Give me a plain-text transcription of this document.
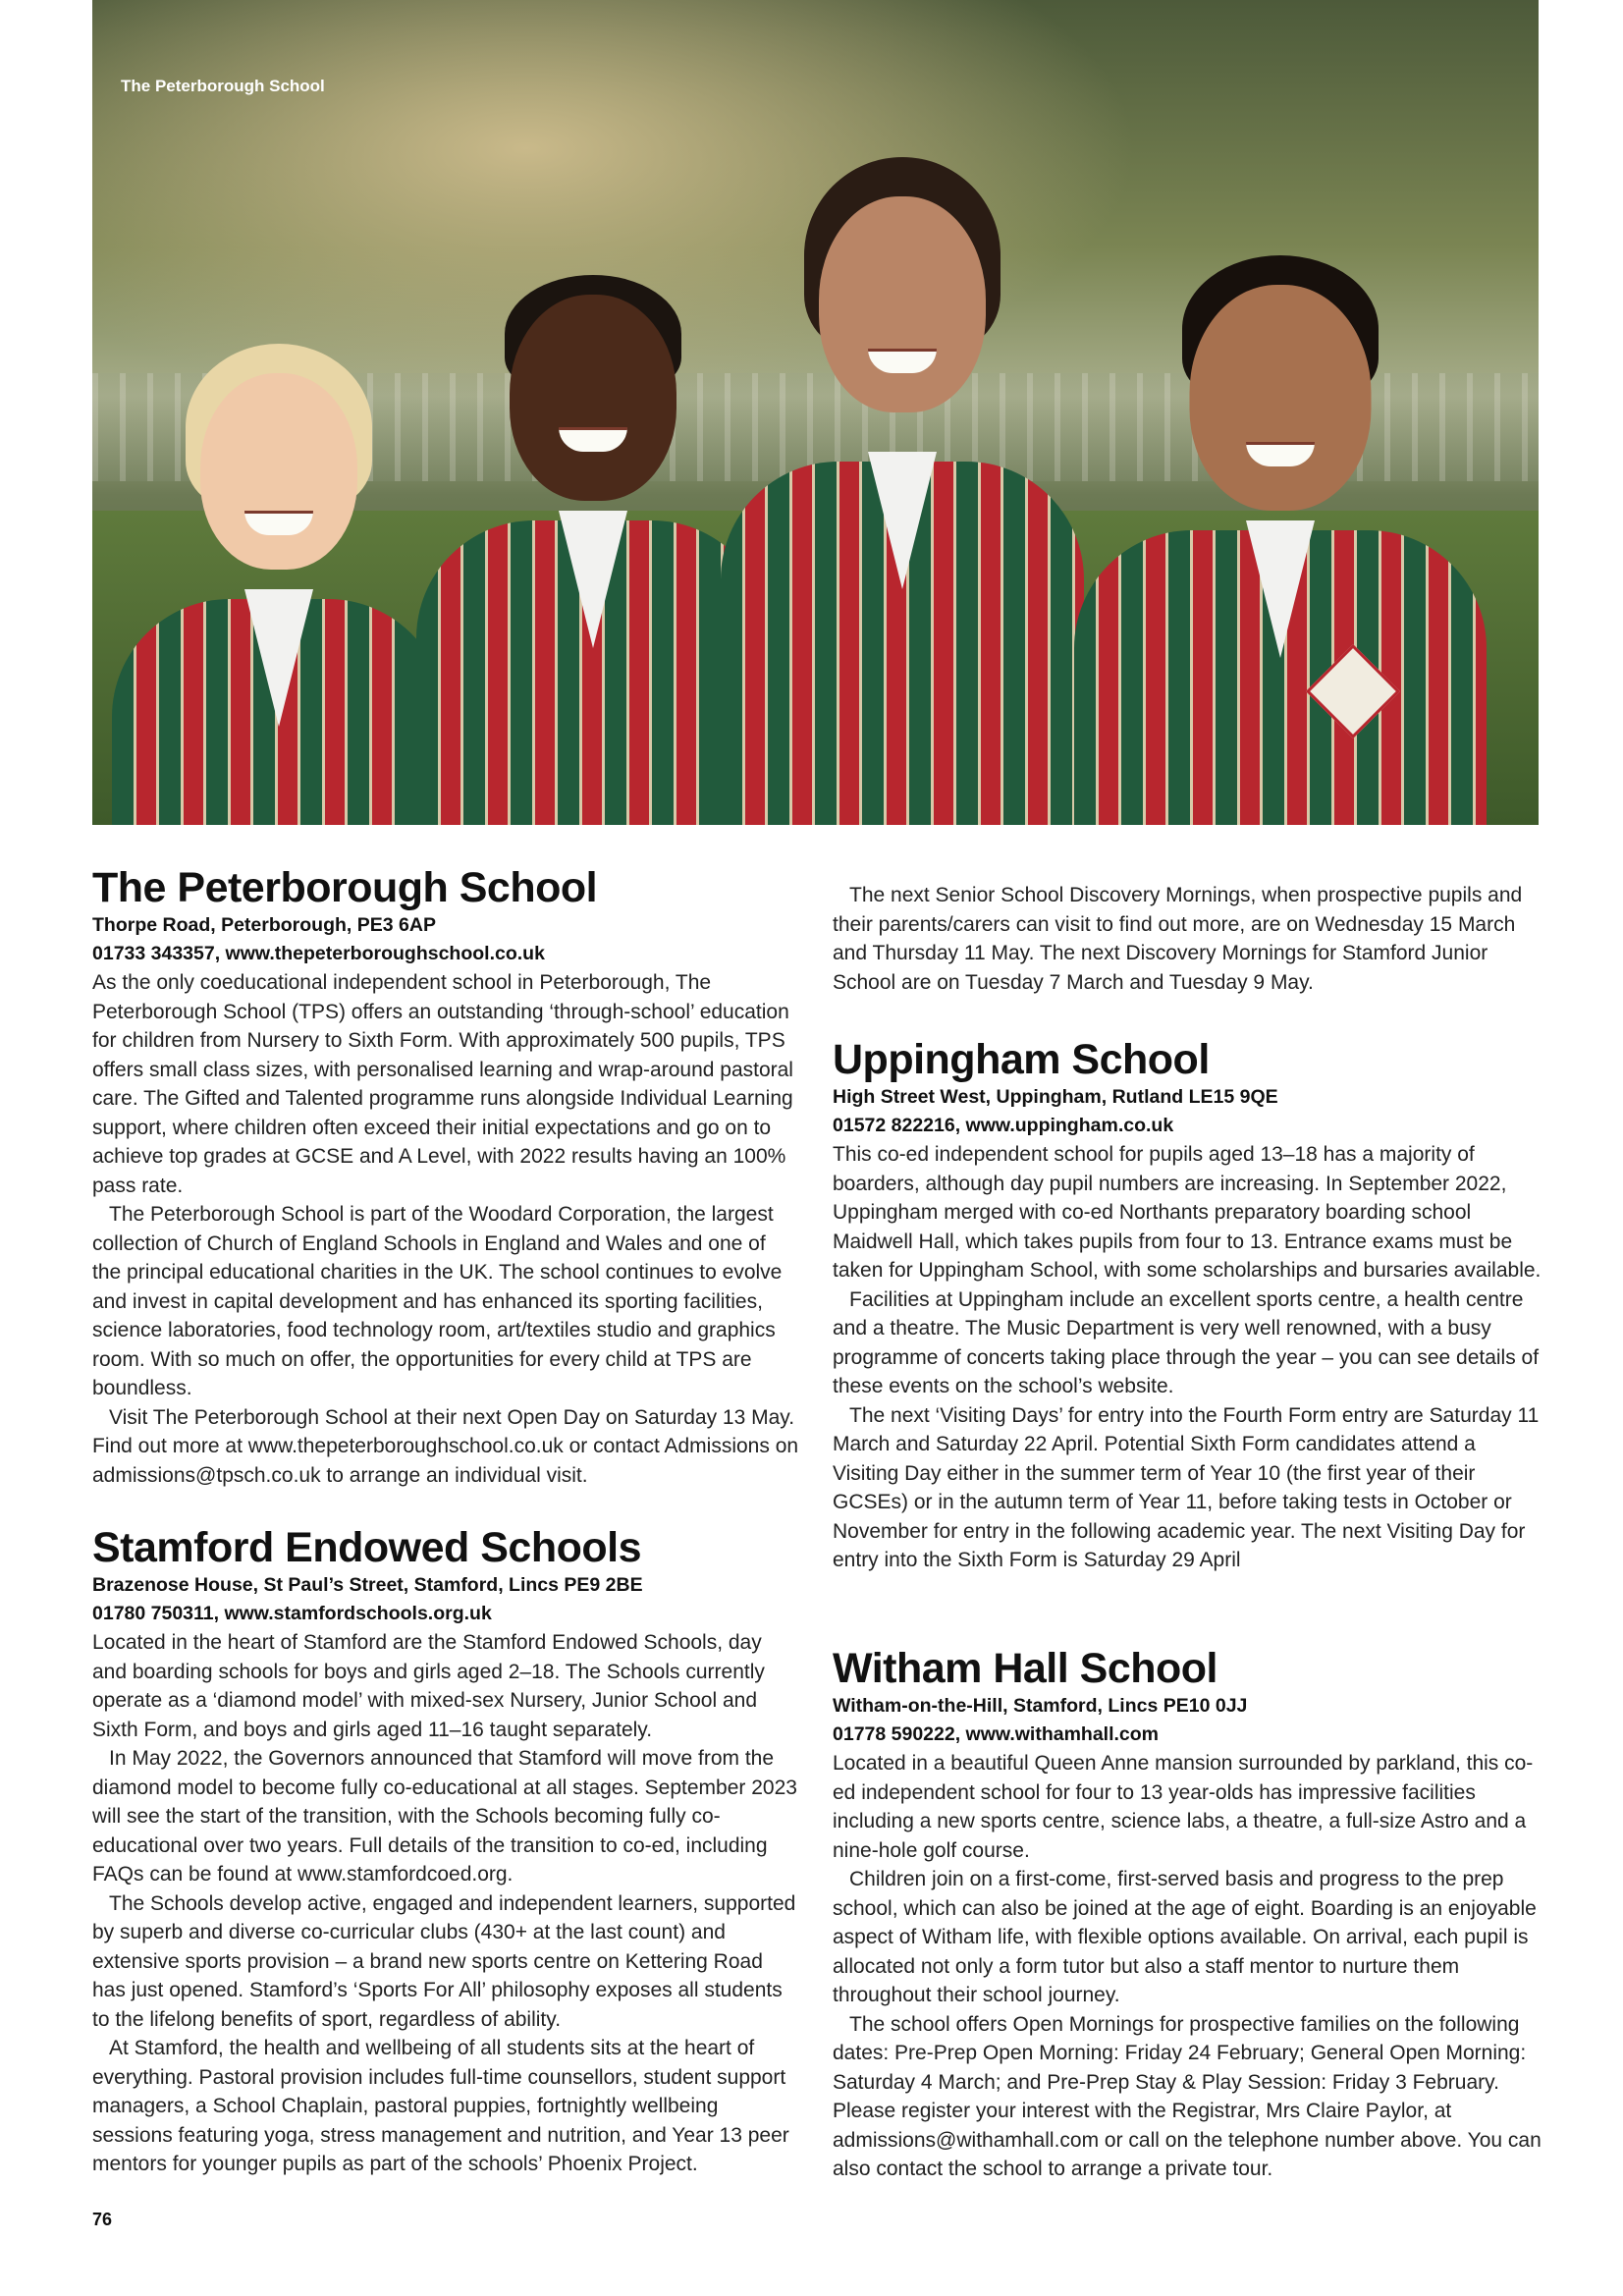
The Peterborough School
The Peterborough School
Thorpe Road, Peterborough, PE3 6AP
01733 343357, www.thepeterboroughschool.co.uk

As the only coeducational independent school in Peterborough, The Peterborough School (TPS) offers an outstanding ‘through-school’ education for children from Nursery to Sixth Form. With approximately 500 pupils, TPS offers small class sizes, with personalised learning and wrap-around pastoral care. The Gifted and Talented programme runs alongside Individual Learning support, where children often exceed their initial expectations and go on to achieve top grades at GCSE and A Level, with 2022 results having an 100% pass rate.

The Peterborough School is part of the Woodard Corporation, the largest collection of Church of England Schools in England and Wales and one of the principal educational charities in the UK. The school continues to evolve and invest in capital development and has enhanced its sporting facilities, science laboratories, food technology room, art/textiles studio and graphics room. With so much on offer, the opportunities for every child at TPS are boundless.

Visit The Peterborough School at their next Open Day on Saturday 13 May. Find out more at www.thepeterboroughschool.co.uk or contact Admissions on admissions@tpsch.co.uk to arrange an individual visit.

Stamford Endowed Schools
Brazenose House, St Paul’s Street, Stamford, Lincs PE9 2BE
01780 750311, www.stamfordschools.org.uk

Located in the heart of Stamford are the Stamford Endowed Schools, day and boarding schools for boys and girls aged 2–18. The Schools currently operate as a ‘diamond model’ with mixed-sex Nursery, Junior School and Sixth Form, and boys and girls aged 11–16 taught separately.

In May 2022, the Governors announced that Stamford will move from the diamond model to become fully co-educational at all stages. September 2023 will see the start of the transition, with the Schools becoming fully co-educational over two years. Full details of the transition to co-ed, including FAQs can be found at www.stamfordcoed.org.

The Schools develop active, engaged and independent learners, supported by superb and diverse co-curricular clubs (430+ at the last count) and extensive sports provision – a brand new sports centre on Kettering Road has just opened. Stamford’s ‘Sports For All’ philosophy exposes all students to the lifelong benefits of sport, regardless of ability.

At Stamford, the health and wellbeing of all students sits at the heart of everything. Pastoral provision includes full-time counsellors, student support managers, a School Chaplain, pastoral puppies, fortnightly wellbeing sessions featuring yoga, stress management and nutrition, and Year 13 peer mentors for younger pupils as part of the schools’ Phoenix Project.

The next Senior School Discovery Mornings, when prospective pupils and their parents/carers can visit to find out more, are on Wednesday 15 March and Thursday 11 May. The next Discovery Mornings for Stamford Junior School are on Tuesday 7 March and Tuesday 9 May.

Uppingham School
High Street West, Uppingham, Rutland LE15 9QE
01572 822216, www.uppingham.co.uk

This co-ed independent school for pupils aged 13–18 has a majority of boarders, although day pupil numbers are increasing. In September 2022, Uppingham merged with co-ed Northants preparatory boarding school Maidwell Hall, which takes pupils from four to 13. Entrance exams must be taken for Uppingham School, with some scholarships and bursaries available.

Facilities at Uppingham include an excellent sports centre, a health centre and a theatre. The Music Department is very well renowned, with a busy programme of concerts taking place through the year – you can see details of these events on the school’s website.

The next ‘Visiting Days’ for entry into the Fourth Form entry are Saturday 11 March and Saturday 22 April. Potential Sixth Form candidates attend a Visiting Day either in the summer term of Year 10 (the first year of their GCSEs) or in the autumn term of Year 11, before taking tests in October or November for entry in the following academic year. The next Visiting Day for entry into the Sixth Form is Saturday 29 April

Witham Hall School
Witham-on-the-Hill, Stamford, Lincs PE10 0JJ
01778 590222, www.withamhall.com

Located in a beautiful Queen Anne mansion surrounded by parkland, this co-ed independent school for four to 13 year-olds has impressive facilities including a new sports centre, science labs, a theatre, a full-size Astro and a nine-hole golf course.

Children join on a first-come, first-served basis and progress to the prep school, which can also be joined at the age of eight. Boarding is an enjoyable aspect of Witham life, with flexible options available. On arrival, each pupil is allocated not only a form tutor but also a staff mentor to nurture them throughout their school journey.

The school offers Open Mornings for prospective families on the following dates: Pre-Prep Open Morning: Friday 24 February; General Open Morning: Saturday 4 March; and Pre-Prep Stay & Play Session: Friday 3 February. Please register your interest with the Registrar, Mrs Claire Paylor, at admissions@withamhall.com or call on the telephone number above. You can also contact the school to arrange a private tour.

76
